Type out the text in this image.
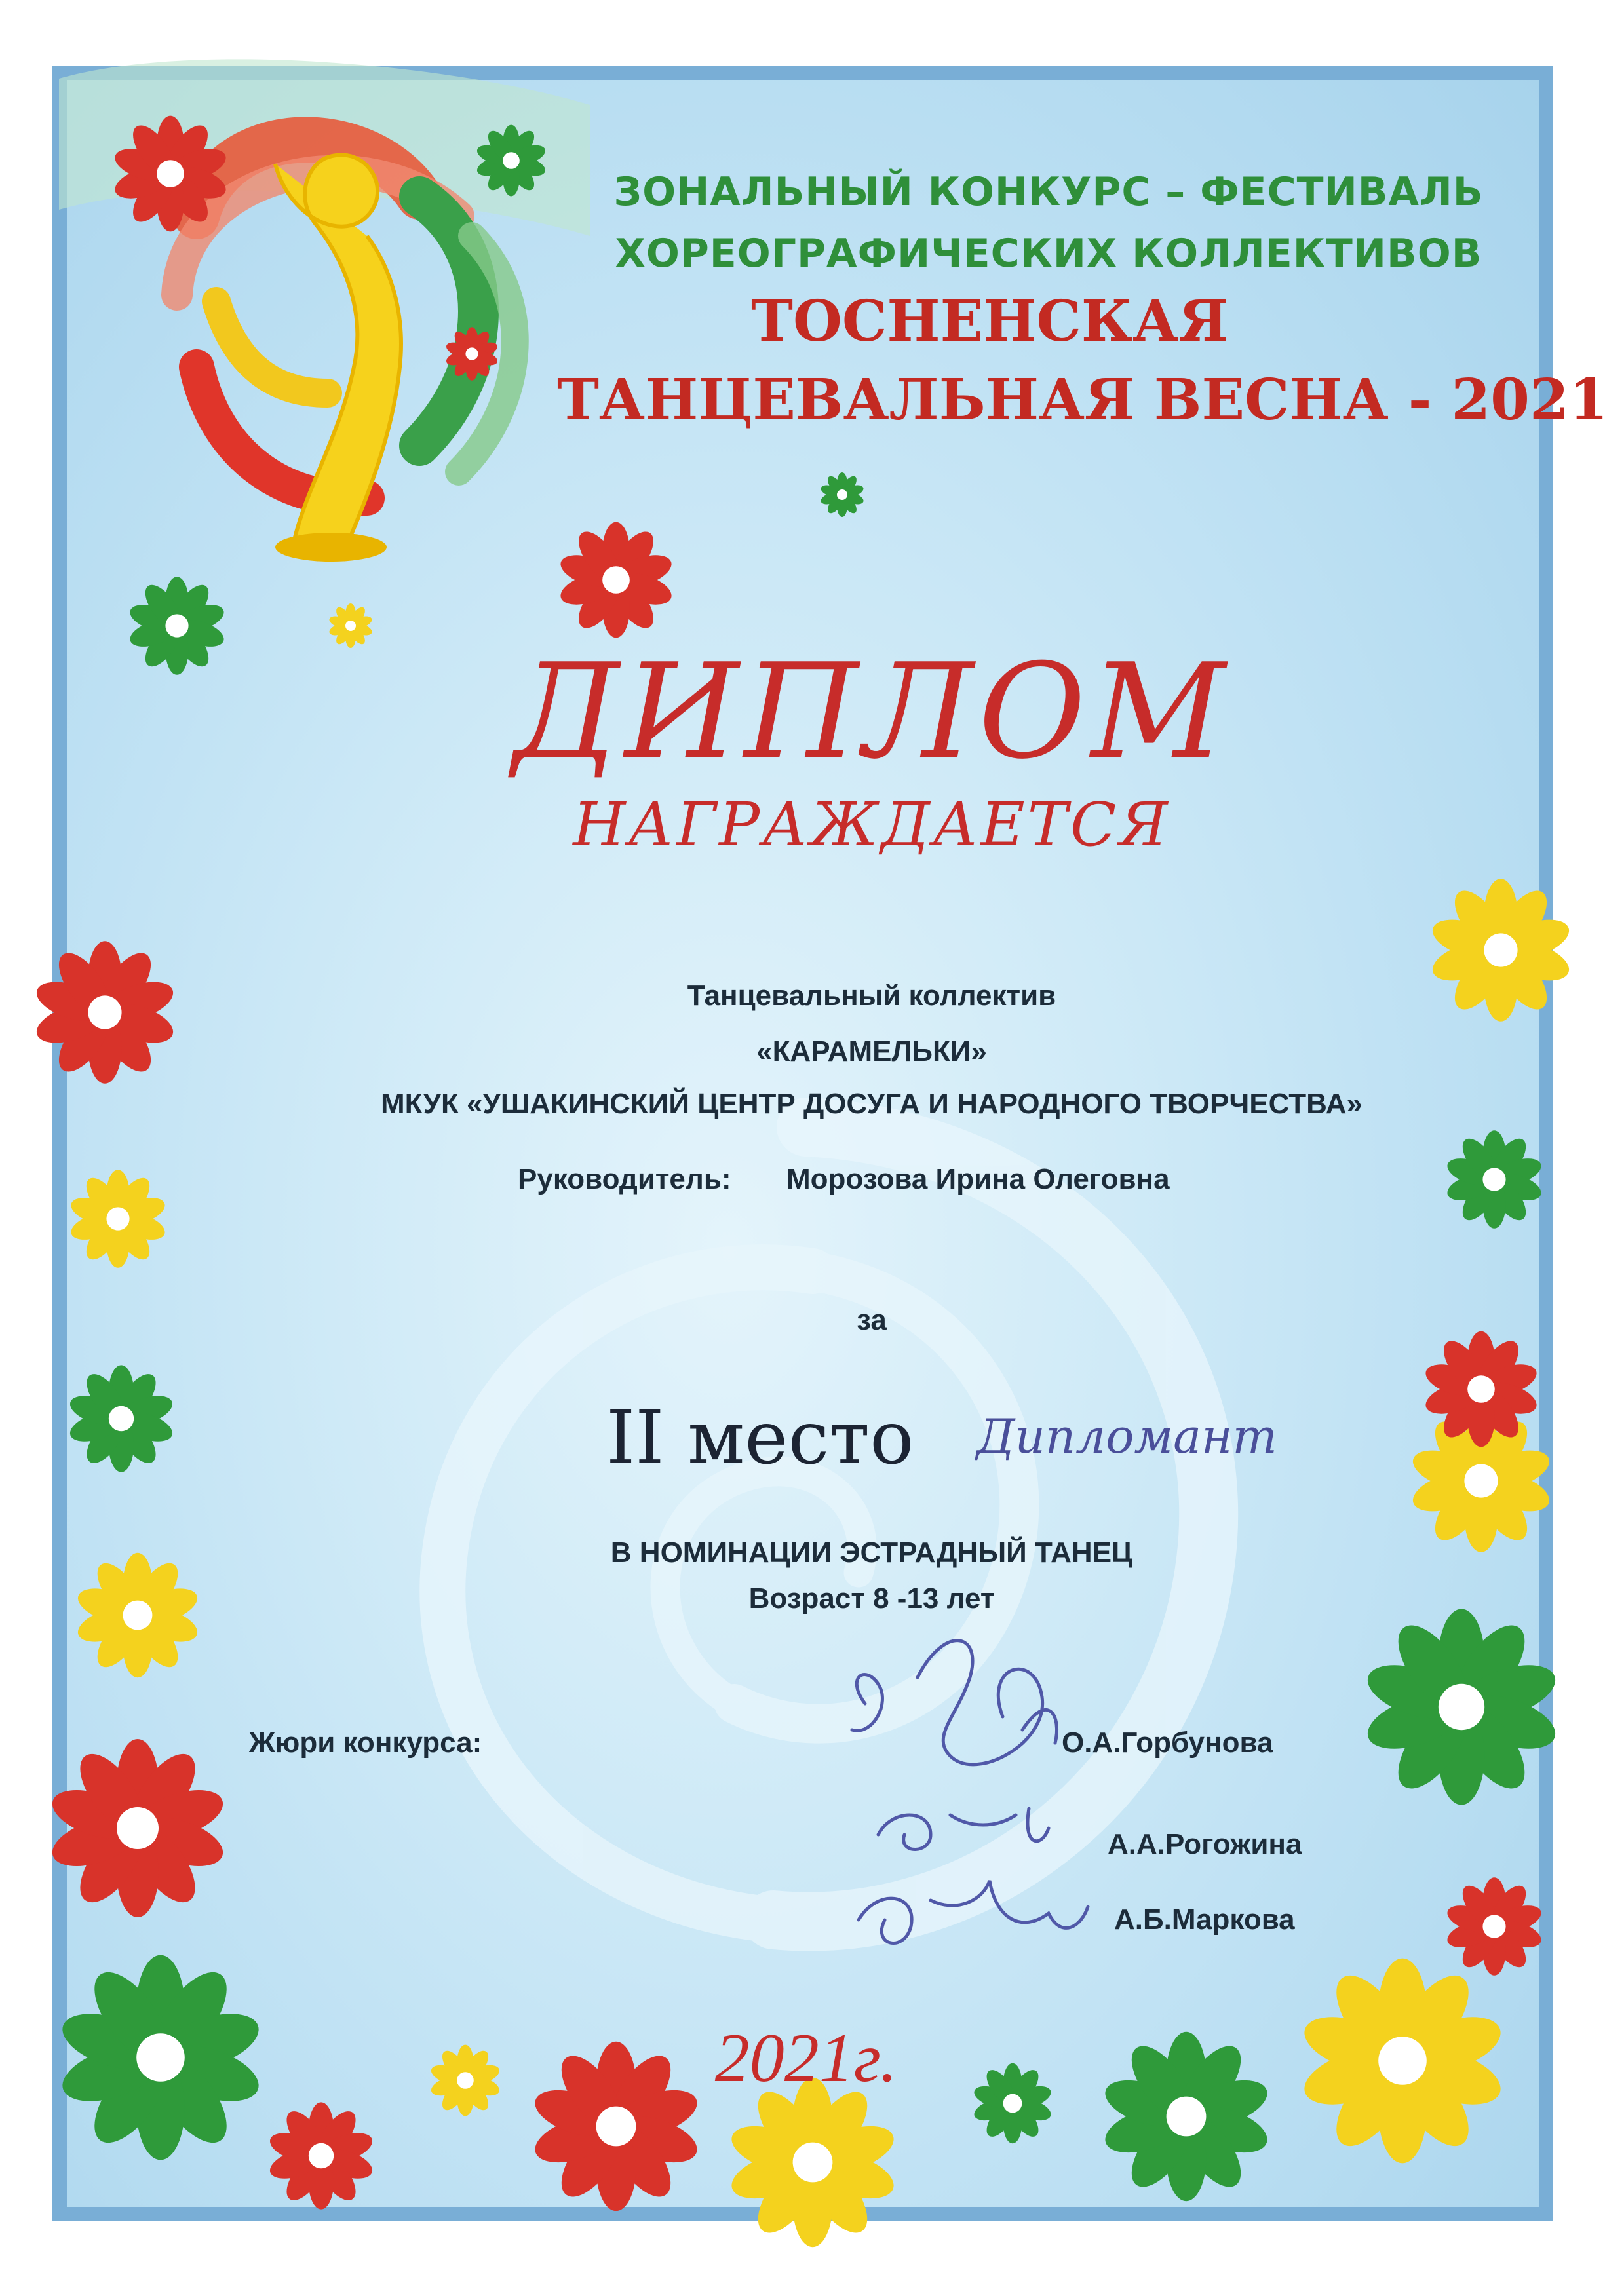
ЗОНАЛЬНЫЙ КОНКУРС – ФЕСТИВАЛЬ
ХОРЕОГРАФИЧЕСКИХ КОЛЛЕКТИВОВ
ТОСНЕНСКАЯ
ТАНЦЕВАЛЬНАЯ ВЕСНА - 2021
ДИПЛОМ
НАГРАЖДАЕТСЯ
Танцевальный коллектив
«КАРАМЕЛЬКИ»
МКУК «УШАКИНСКИЙ ЦЕНТР ДОСУГА И НАРОДНОГО ТВОРЧЕСТВА»
Руководитель: Морозова Ирина Олеговна
за
II место Дипломант
В НОМИНАЦИИ ЭСТРАДНЫЙ ТАНЕЦ
Возраст 8 -13 лет
Жюри конкурса:	О.А.Горбунова
А.А.Рогожина
А.Б.Маркова
2021г.
